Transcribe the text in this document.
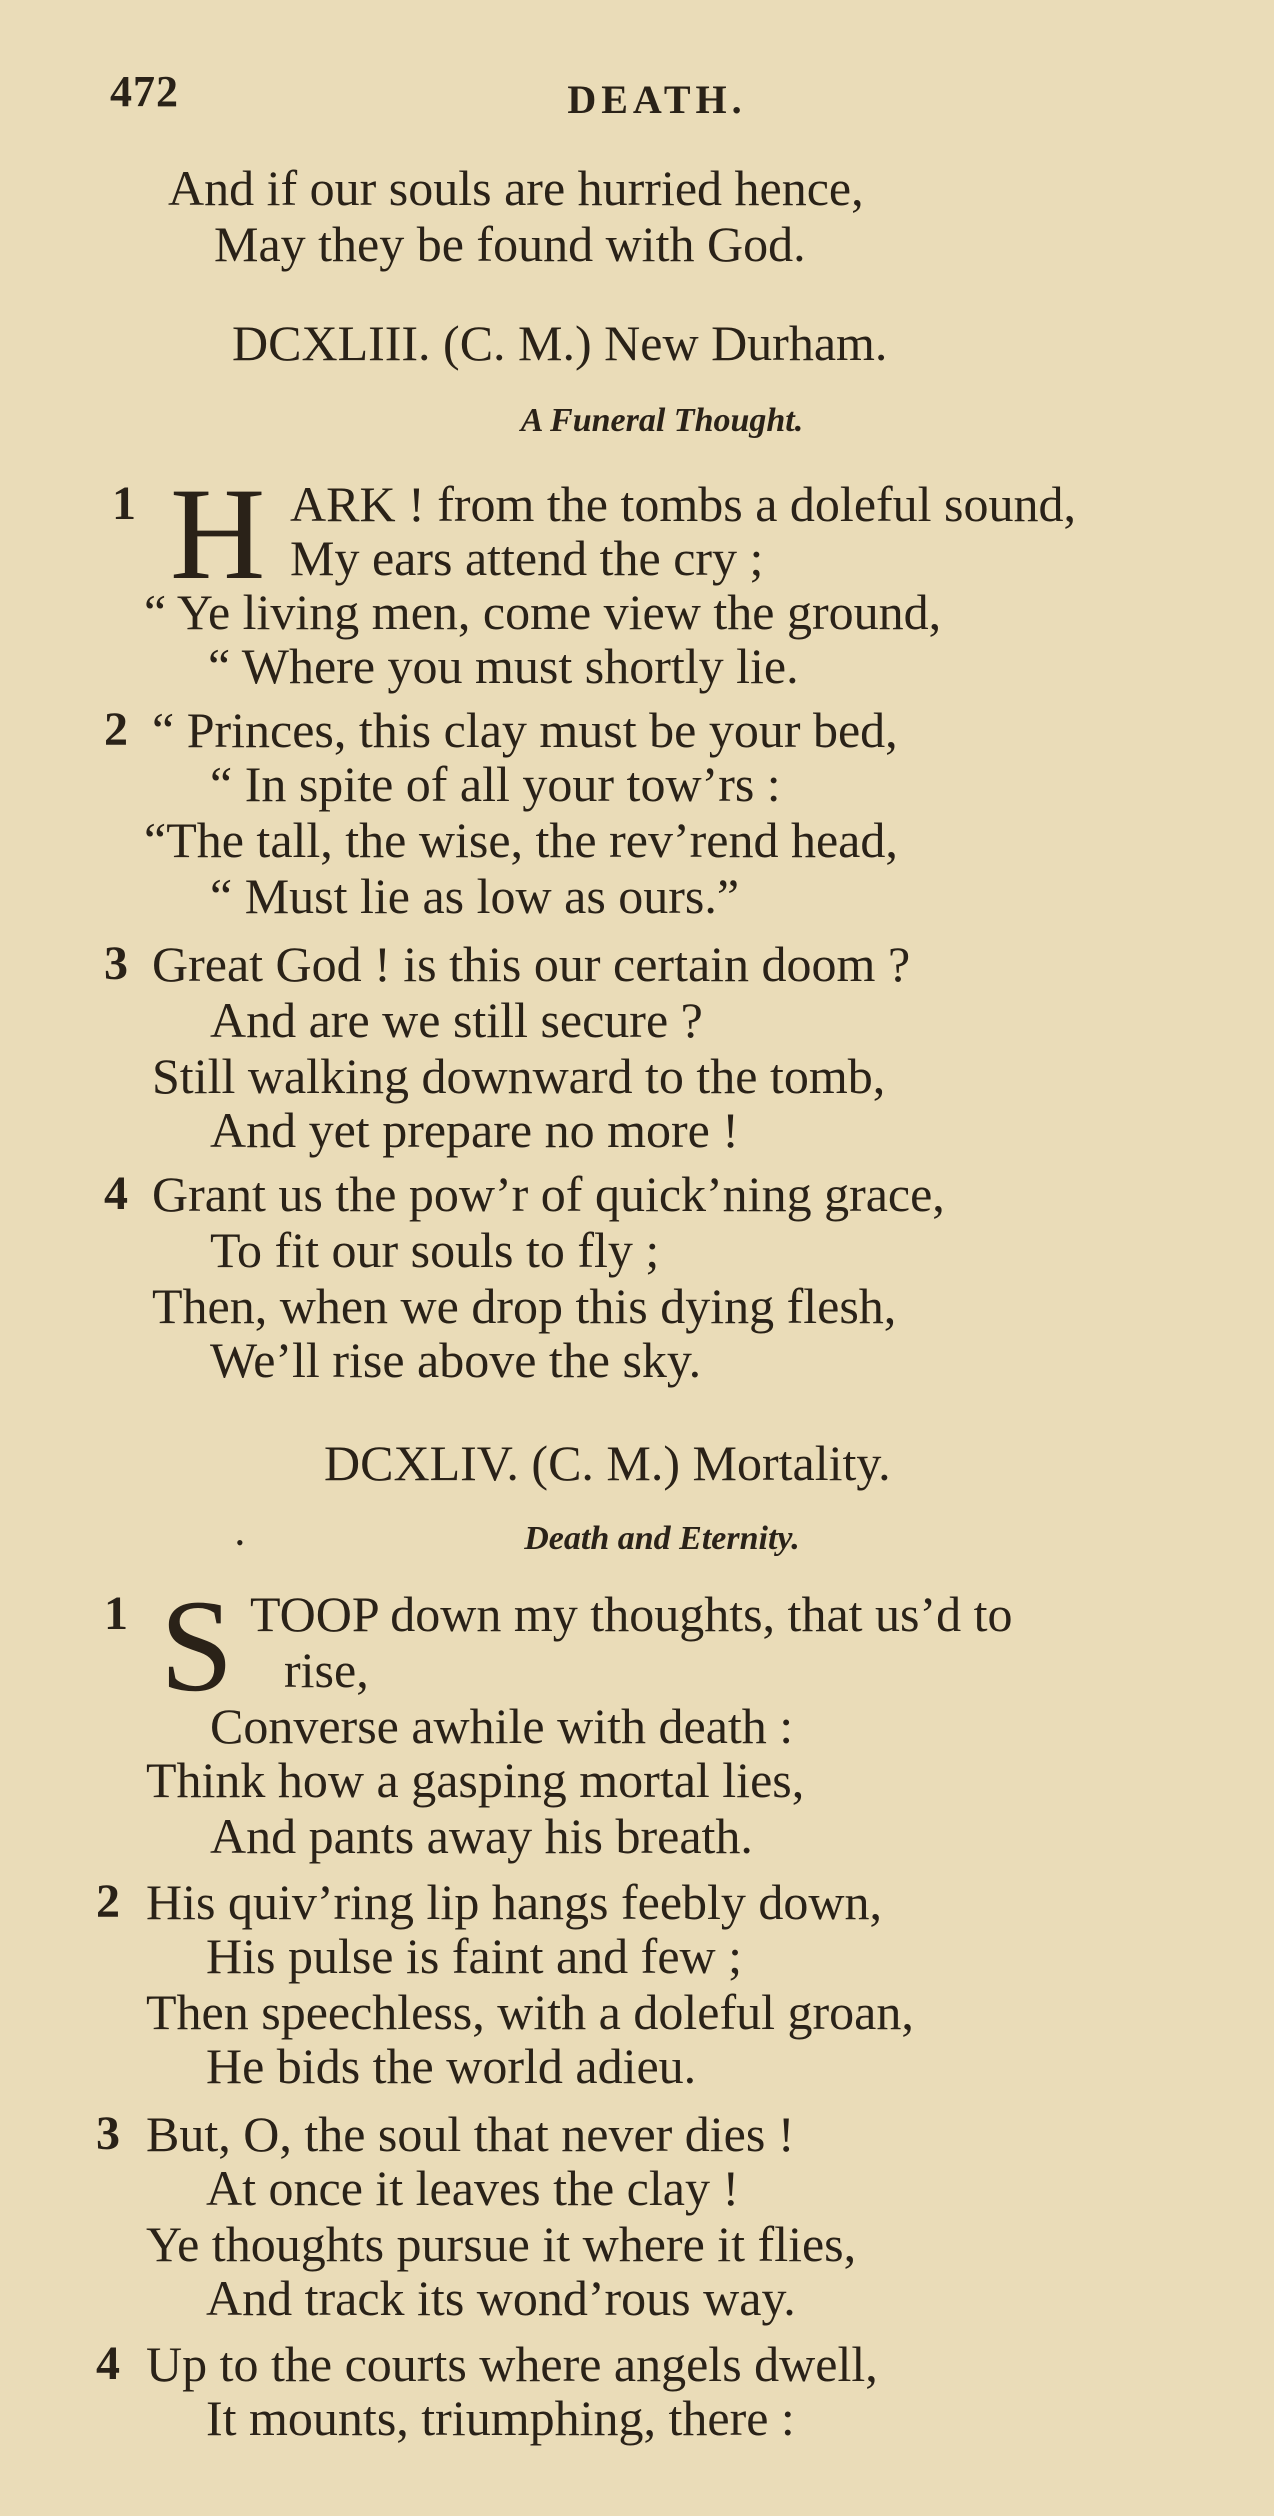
472	DEATH.
And if our souls are hurried hence,
May they be found with God.
DCXLIII. (C. M.) New Durham.
A Funeral Thought.
1 H ARK ! from the tombs a doleful sound,
My ears attend the cry ;
“ Ye living men, come view the ground,
“ Where you must shortly lie.
2 “ Princes, this clay must be your bed,
“ In spite of all your tow’rs :
“The tall, the wise, the rev’rend head,
“ Must lie as low as ours.”
3 Great God ! is this our certain doom ?
And are we still secure ?
Still walking downward to the tomb,
And yet prepare no more !
4 Grant us the pow’r of quick’ning grace,
To fit our souls to fly ;
Then, when we drop this dying flesh,
We’ll rise above the sky.
DCXLIV. (C. M.) Mortality.
•	Death and Eternity.
1 S TOOP down my thoughts, that us’d to
rise,
Converse awhile with death :
Think how a gasping mortal lies,
And pants away his breath.
2 His quiv’ring lip hangs feebly down,
His pulse is faint and few ;
Then speechless, with a doleful groan,
He bids the world adieu.
3 But, O, the soul that never dies !
At once it leaves the clay !
Ye thoughts pursue it where it flies,
And track its wond’rous way.
4 Up to the courts where angels dwell,
It mounts, triumphing, there :
